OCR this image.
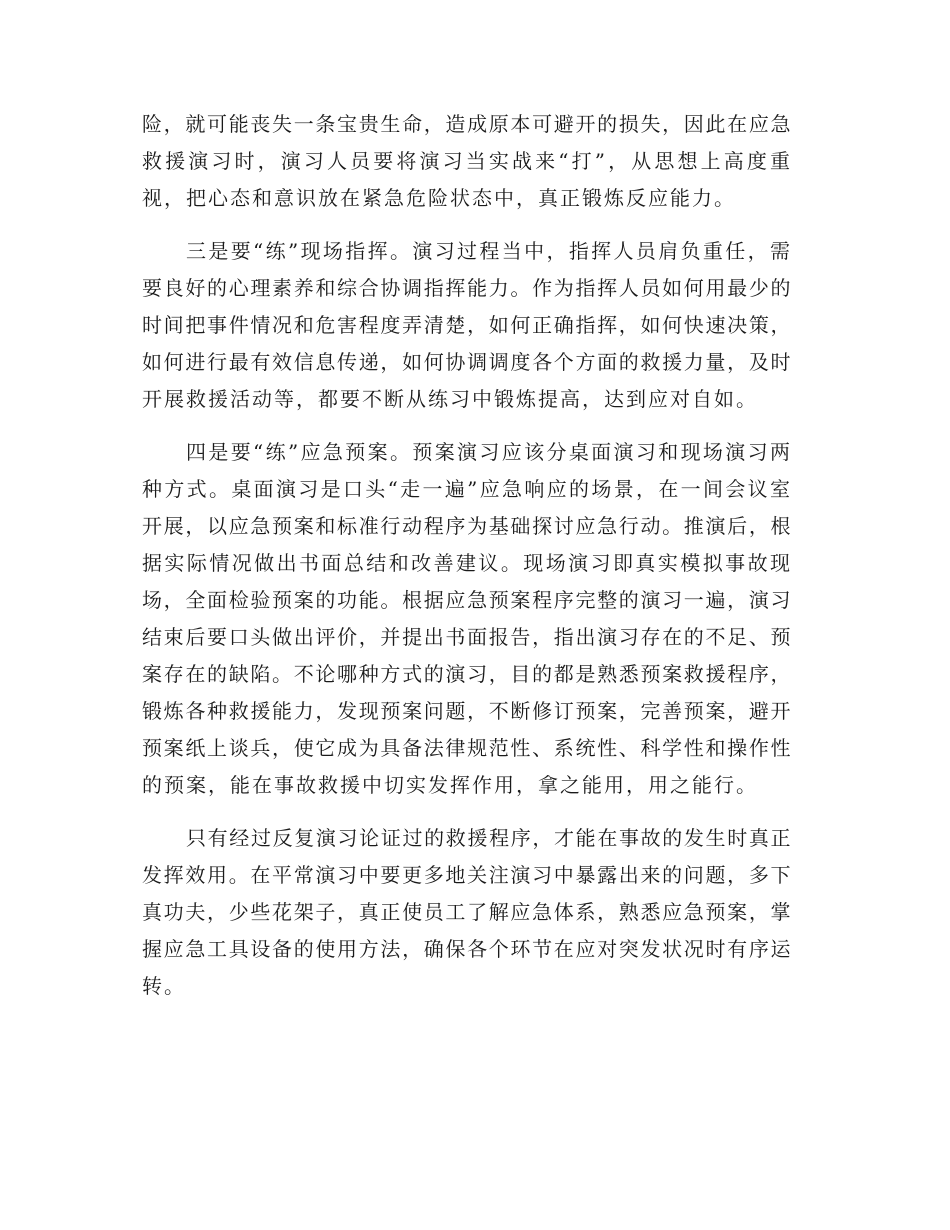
险，就可能丧失一条宝贵生命，造成原本可避开的损失，因此在应急
救援演习时，演习人员要将演习当实战来“打”，从思想上高度重
视，把心态和意识放在紧急危险状态中，真正锻炼反应能力。
三是要“练”现场指挥。演习过程当中，指挥人员肩负重任，需
要良好的心理素养和综合协调指挥能力。作为指挥人员如何用最少的
时间把事件情况和危害程度弄清楚，如何正确指挥，如何快速决策，
如何进行最有效信息传递，如何协调调度各个方面的救援力量，及时
开展救援活动等，都要不断从练习中锻炼提高，达到应对自如。
四是要“练”应急预案。预案演习应该分桌面演习和现场演习两
种方式。桌面演习是口头“走一遍”应急响应的场景，在一间会议室
开展，以应急预案和标准行动程序为基础探讨应急行动。推演后，根
据实际情况做出书面总结和改善建议。现场演习即真实模拟事故现
场，全面检验预案的功能。根据应急预案程序完整的演习一遍，演习
结束后要口头做出评价，并提出书面报告，指出演习存在的不足、预
案存在的缺陷。不论哪种方式的演习，目的都是熟悉预案救援程序，
锻炼各种救援能力，发现预案问题，不断修订预案，完善预案，避开
预案纸上谈兵，使它成为具备法律规范性、系统性、科学性和操作性
的预案，能在事故救援中切实发挥作用，拿之能用，用之能行。
只有经过反复演习论证过的救援程序，才能在事故的发生时真正
发挥效用。在平常演习中要更多地关注演习中暴露出来的问题，多下
真功夫，少些花架子，真正使员工了解应急体系，熟悉应急预案，掌
握应急工具设备的使用方法，确保各个环节在应对突发状况时有序运
转。
